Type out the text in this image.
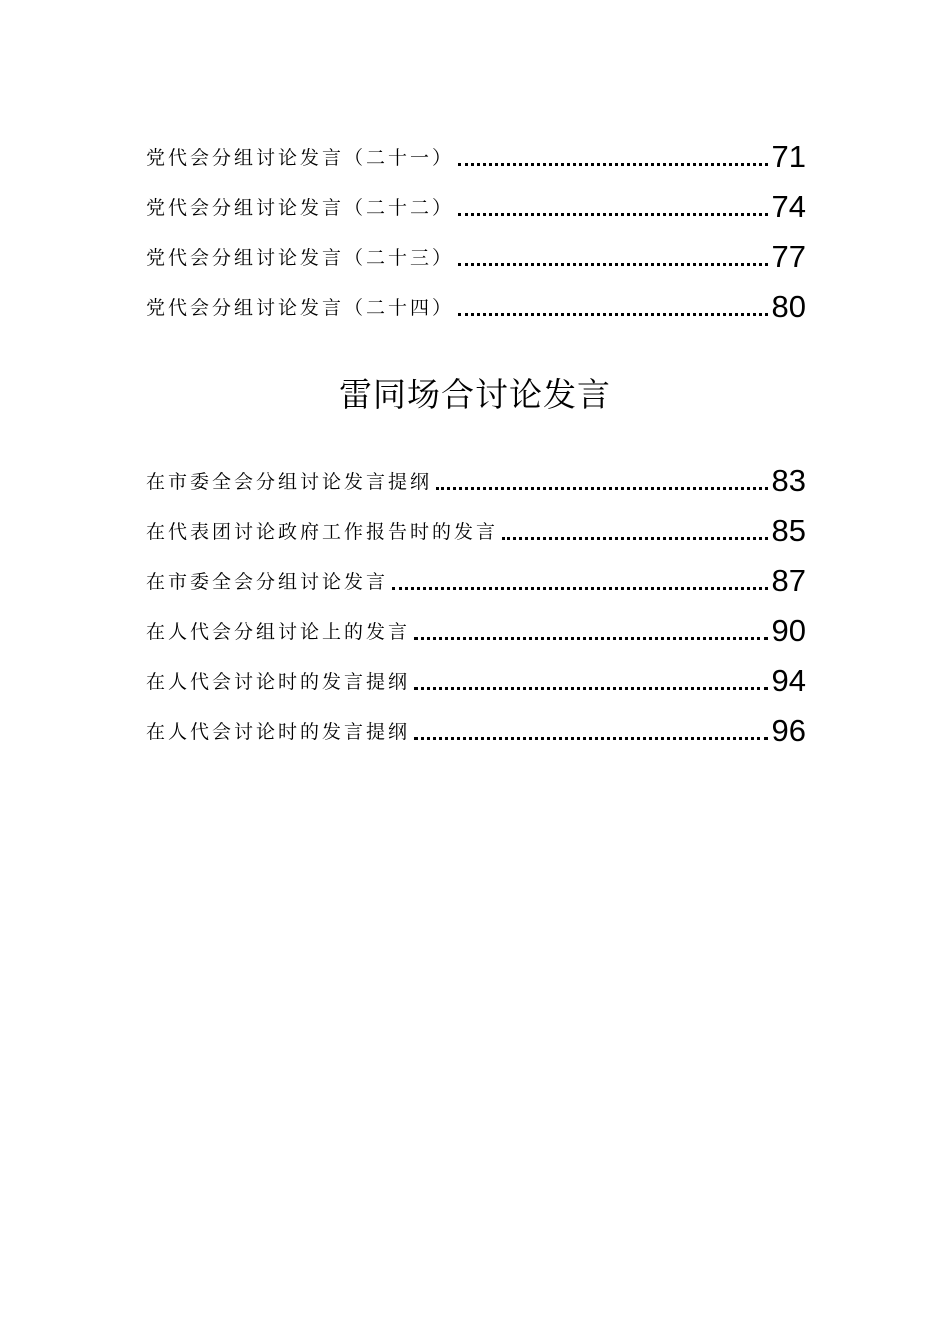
党代会分组讨论发言（二十一）	71
党代会分组讨论发言（二十二）	74
党代会分组讨论发言（二十三）	77
党代会分组讨论发言（二十四）	80
雷同场合讨论发言
在市委全会分组讨论发言提纲	83
在代表团讨论政府工作报告时的发言	85
在市委全会分组讨论发言	87
在人代会分组讨论上的发言	90
在人代会讨论时的发言提纲	94
在人代会讨论时的发言提纲	96
